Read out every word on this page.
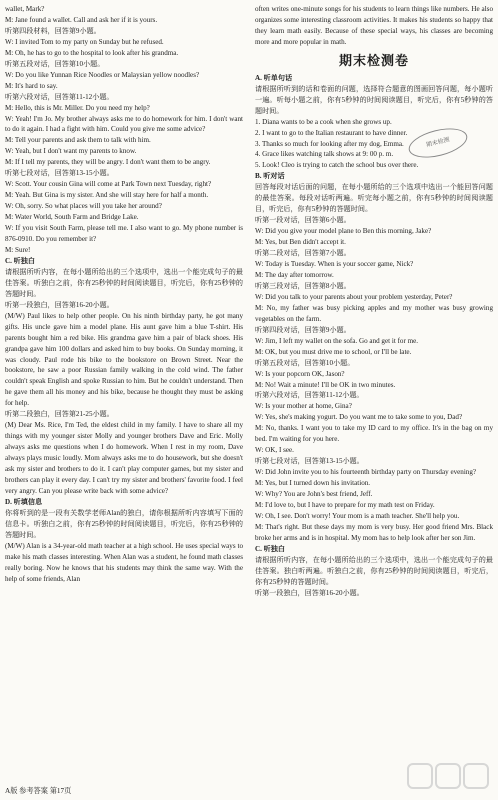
wallet, Mark?

M: Jane found a wallet. Call and ask her if it is yours.

听第四段材料，回答第9小题。

W: I invited Tom to my party on Sunday but he refused.

M: Oh, he has to go to the hospital to look after his grandma.

听第五段对话，回答第10小题。

W: Do you like Yunnan Rice Noodles or Malaysian yellow noodles?

M: It's hard to say.

听第六段对话，回答第11-12小题。

M: Hello, this is Mr. Miller. Do you need my help?

W: Yeah! I'm Jo. My brother always asks me to do homework for him. I don't want to do it again. I had a fight with him. Could you give me some advice?

M: Tell your parents and ask them to talk with him.

W: Yeah, but I don't want my parents to know.

M: If I tell my parents, they will be angry. I don't want them to be angry.

听第七段对话，回答第13-15小题。

W: Scott. Your cousin Gina will come at Park Town next Tuesday, right?

M: Yeah. But Gina is my sister. And she will stay here for half a month.

W: Oh, sorry. So what places will you take her around?

M: Water World, South Farm and Bridge Lake.

W: If you visit South Farm, please tell me. I also want to go. My phone number is 876-0910. Do you remember it?

M: Sure!

C. 听独白

请根据所听内容，在每小题所给出的三个选项中，选出一个能完成句子的最佳答案。听独白之前，你有25秒钟的时间阅读题目，听完后，你有25秒钟的答题时间。

听第一段独白，回答第16-20小题。

(M/W) Paul likes to help other people. On his ninth birthday party, he got many gifts. His uncle gave him a model plane. His aunt gave him a blue T-shirt. His parents bought him a red bike. His grandma gave him a pair of black shoes. His grandpa gave him 100 dollars and asked him to buy books. On Sunday morning, it was cloudy. Paul rode his bike to the bookstore on Brown Street. Near the bookstore, he saw a poor Russian family walking in the cold wind. The father couldn't speak English and spoke Russian to him. But he couldn't understand. Then he gave them all his money and his bike, because he thought they must be asking for help.

听第二段独白，回答第21-25小题。

(M) Dear Ms. Rice, I'm Ted, the eldest child in my family. I have to share all my things with my younger sister Molly and younger brothers Dave and Eric. Molly always asks me questions when I do homework. When I rest in my room, Dave always plays music loudly. Mom always asks me to do housework, but she doesn't ask my sister and brothers to do it. I can't play computer games, but my sister and brothers can play it every day. I can't try my sister and brothers' favorite food. I feel very angry. Can you please write back with some advice?

D. 听填信息

你将听到的是一段有关数学老师Alan的独白，请你根据所听内容填写下面的信息卡。听独白之前，你有25秒钟的时间阅读题目，听完后，你有25秒钟的答题时间。

(M/W) Alan is a 34-year-old math teacher at a high school. He uses special ways to make his math classes interesting. When Alan was a student, he found math classes really boring. Now he knows that his students may think the same way. With the help of some friends, Alan

often writes one-minute songs for his students to learn things like numbers. He also organizes some interesting classroom activities. It makes his students so happy that they learn math easily. Because of these special ways, his classes are becoming more and more popular in math.

期末检测卷

A. 听单句话

请根据所听到的话和卷面的问题，选择符合题意的图画回答问题，每小题听一遍。听每小题之前，你有5秒钟的时间阅读题目，听完后，你有5秒钟的答题时间。

1. Diana wants to be a cook when she grows up.

2. I want to go to the Italian restaurant to have dinner.

3. Thanks so much for looking after my dog, Emma.

4. Grace likes watching talk shows at 9: 00 p. m.

5. Look! Cleo is trying to catch the school bus over there.

B. 听对话

回答每段对话后面的问题，在每小题所给的三个选项中选出一个能回答问题的最佳答案。每段对话听两遍。听完每小题之前，你有5秒钟的时间阅读题目，听完后，你有5秒钟的答题时间。

听第一段对话，回答第6小题。

W: Did you give your model plane to Ben this morning, Jake?

M: Yes, but Ben didn't accept it.

听第二段对话，回答第7小题。

W: Today is Tuesday. When is your soccer game, Nick?

M: The day after tomorrow.

听第三段对话，回答第8小题。

W: Did you talk to your parents about your problem yesterday, Peter?

M: No, my father was busy picking apples and my mother was busy growing vegetables on the farm.

听第四段对话，回答第9小题。

W: Jim, I left my wallet on the sofa. Go and get it for me.

M: OK, but you must drive me to school, or I'll be late.

听第五段对话，回答第10小题。

W: Is your popcorn OK, Jason?

M: No! Wait a minute! I'll be OK in two minutes.

听第六段对话，回答第11-12小题。

W: Is your mother at home, Gina?

W: Yes, she's making yogurt. Do you want me to take some to you, Dad?

M: No, thanks. I want you to take my ID card to my office. It's in the bag on my bed. I'm waiting for you here.

W: OK, I see.

听第七段对话，回答第13-15小题。

W: Did John invite you to his fourteenth birthday party on Thursday evening?

M: Yes, but I turned down his invitation.

W: Why? You are John's best friend, Jeff.

M: I'd love to, but I have to prepare for my math test on Friday.

W: Oh, I see. Don't worry! Your mom is a math teacher. She'll help you.

M: That's right. But these days my mom is very busy. Her good friend Mrs. Black broke her arms and is in hospital. My mom has to help look after her son Jim.

C. 听独白

请根据所听内容，在每小题所给出的三个选项中，选出一个能完成句子的最佳答案。独白听两遍。听独白之前，你有25秒钟的时间阅读题目，听完后，你有25秒钟的答题时间。

听第一段独白，回答第16-20小题。

期末检测
A版 参考答案 第17页
